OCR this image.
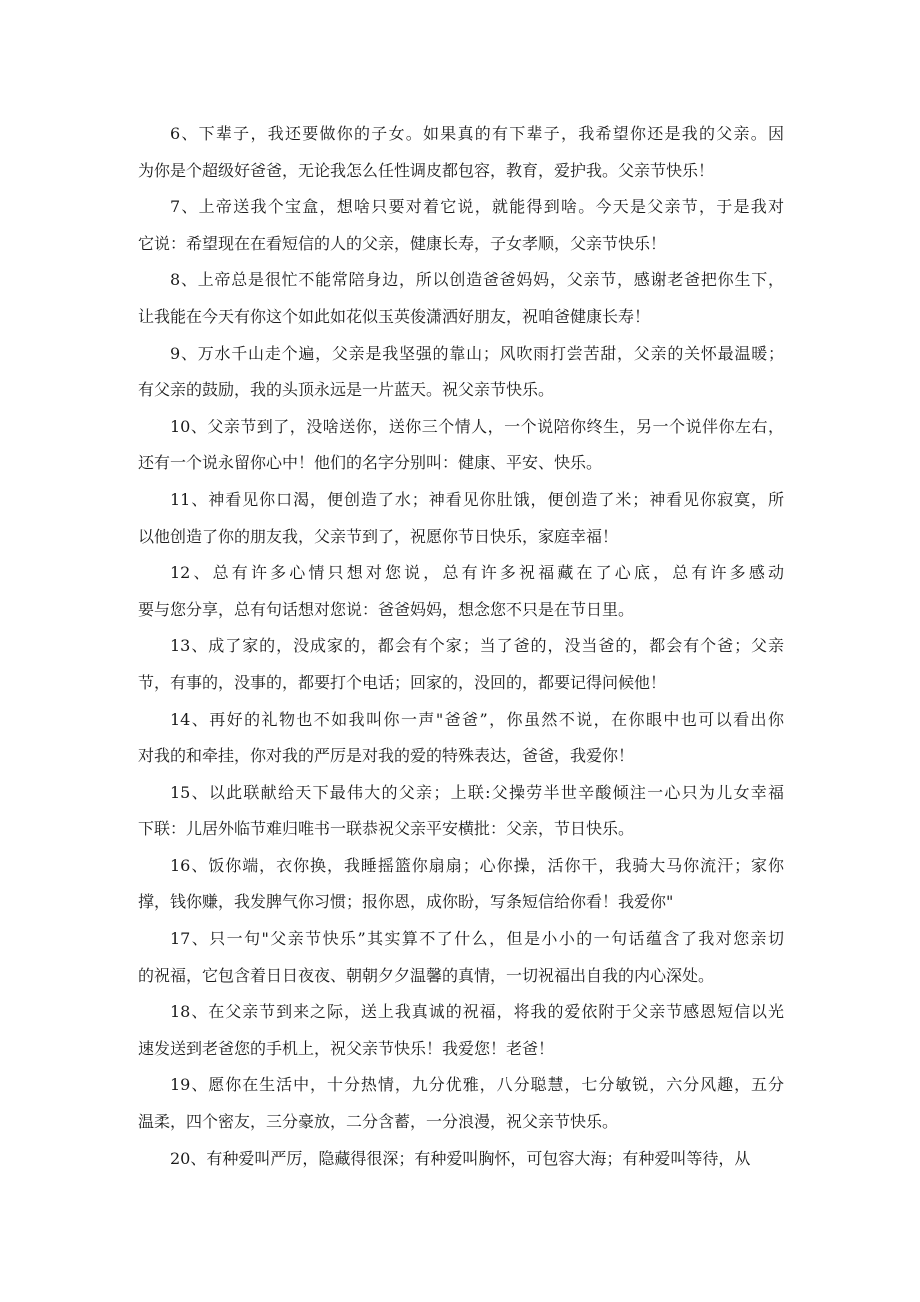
6、下辈子，我还要做你的子女。如果真的有下辈子，我希望你还是我的父亲。因
为你是个超级好爸爸，无论我怎么任性调皮都包容，教育，爱护我。父亲节快乐！
7、上帝送我个宝盒，想啥只要对着它说，就能得到啥。今天是父亲节，于是我对
它说：希望现在在看短信的人的父亲，健康长寿，子女孝顺，父亲节快乐！
8、上帝总是很忙不能常陪身边，所以创造爸爸妈妈，父亲节，感谢老爸把你生下，
让我能在今天有你这个如此如花似玉英俊潇洒好朋友，祝咱爸健康长寿！
9、万水千山走个遍，父亲是我坚强的靠山；风吹雨打尝苦甜，父亲的关怀最温暖；
有父亲的鼓励，我的头顶永远是一片蓝天。祝父亲节快乐。
10、父亲节到了，没啥送你，送你三个情人，一个说陪你终生，另一个说伴你左右，
还有一个说永留你心中！他们的名字分别叫：健康、平安、快乐。
11、神看见你口渴，便创造了水；神看见你肚饿，便创造了米；神看见你寂寞，所
以他创造了你的朋友我，父亲节到了，祝愿你节日快乐，家庭幸福！
12、总有许多心情只想对您说，总有许多祝福藏在了心底，总有许多感动
要与您分享，总有句话想对您说：爸爸妈妈，想念您不只是在节日里。
13、成了家的，没成家的，都会有个家；当了爸的，没当爸的，都会有个爸；父亲
节，有事的，没事的，都要打个电话；回家的，没回的，都要记得问候他！
14、再好的礼物也不如我叫你一声"爸爸”，你虽然不说，在你眼中也可以看出你
对我的和牵挂，你对我的严厉是对我的爱的特殊表达，爸爸，我爱你！
15、以此联献给天下最伟大的父亲；上联:父操劳半世辛酸倾注一心只为儿女幸福
下联：儿居外临节难归唯书一联恭祝父亲平安横批：父亲，节日快乐。
16、饭你端，衣你换，我睡摇篮你扇扇；心你操，活你干，我骑大马你流汗；家你
撑，钱你赚，我发脾气你习惯；报你恩，成你盼，写条短信给你看！我爱你"
17、只一句"父亲节快乐”其实算不了什么，但是小小的一句话蕴含了我对您亲切
的祝福，它包含着日日夜夜、朝朝夕夕温馨的真情，一切祝福出自我的内心深处。
18、在父亲节到来之际，送上我真诚的祝福，将我的爱依附于父亲节感恩短信以光
速发送到老爸您的手机上，祝父亲节快乐！我爱您！老爸！
19、愿你在生活中，十分热情，九分优雅，八分聪慧，七分敏锐，六分风趣，五分
温柔，四个密友，三分豪放，二分含蓄，一分浪漫，祝父亲节快乐。
20、有种爱叫严厉，隐藏得很深；有种爱叫胸怀，可包容大海；有种爱叫等待，从
